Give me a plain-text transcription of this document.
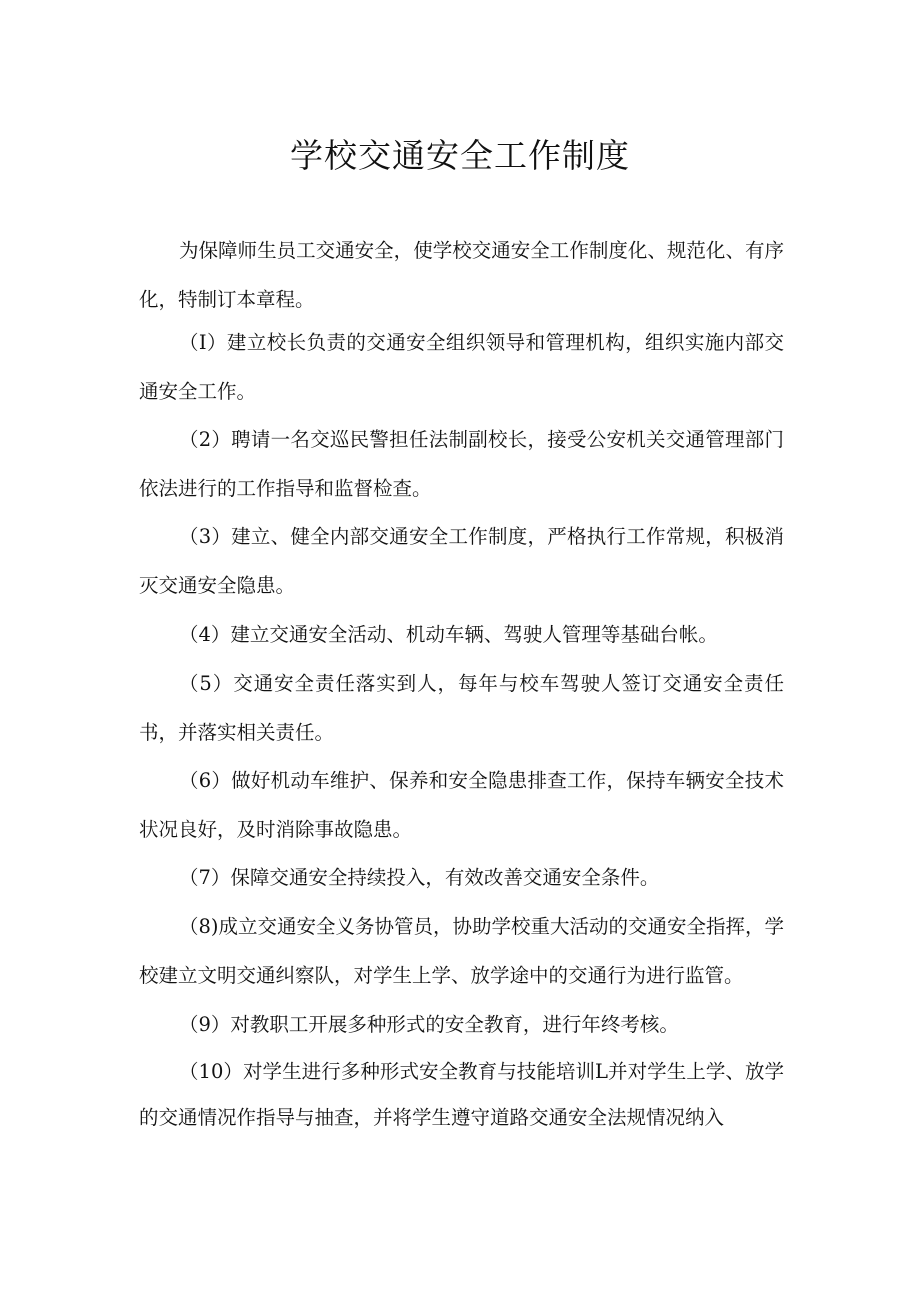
学校交通安全工作制度

为保障师生员工交通安全，使学校交通安全工作制度化、规范化、有序化，特制订本章程。

（I）建立校长负责的交通安全组织领导和管理机构，组织实施内部交通安全工作。

（2）聘请一名交巡民警担任法制副校长，接受公安机关交通管理部门依法进行的工作指导和监督检查。

（3）建立、健全内部交通安全工作制度，严格执行工作常规，积极消灭交通安全隐患。

（4）建立交通安全活动、机动车辆、驾驶人管理等基础台帐。

（5）交通安全责任落实到人，每年与校车驾驶人签订交通安全责任书，并落实相关责任。

（6）做好机动车维护、保养和安全隐患排查工作，保持车辆安全技术状况良好，及时消除事故隐患。

（7）保障交通安全持续投入，有效改善交通安全条件。

（8)成立交通安全义务协管员，协助学校重大活动的交通安全指挥，学校建立文明交通纠察队，对学生上学、放学途中的交通行为进行监管。

（9）对教职工开展多种形式的安全教育，进行年终考核。

（10）对学生进行多种形式安全教育与技能培训L并对学生上学、放学的交通情况作指导与抽查，并将学生遵守道路交通安全法规情况纳入
